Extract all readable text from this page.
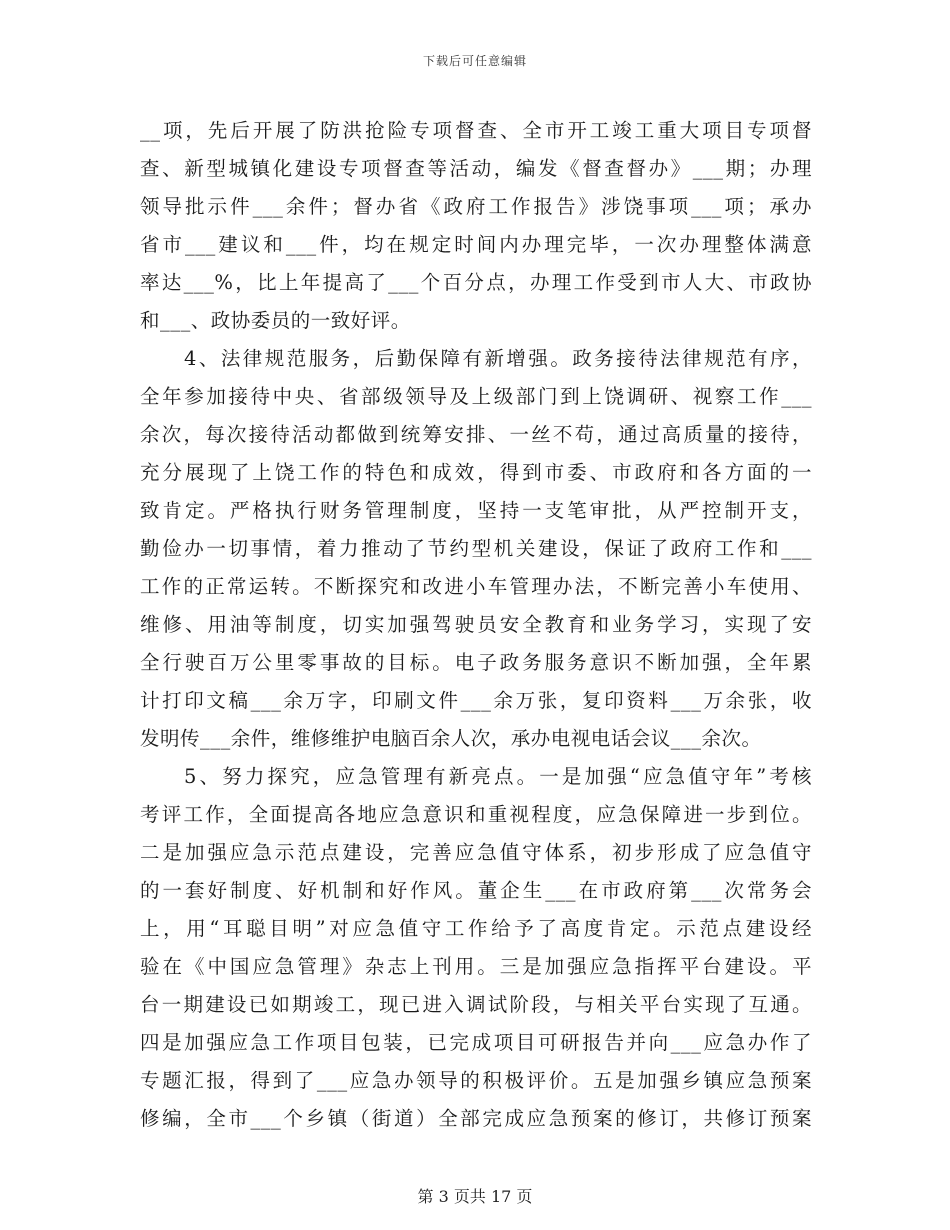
下载后可任意编辑
__项，先后开展了防洪抢险专项督查、全市开工竣工重大项目专项督
查、新型城镇化建设专项督查等活动，编发《督查督办》___期；办理
领导批示件___余件；督办省《政府工作报告》涉饶事项___项；承办
省市___建议和___件，均在规定时间内办理完毕，一次办理整体满意
率达___%，比上年提高了___个百分点，办理工作受到市人大、市政协
和___、政协委员的一致好评。
4、法律规范服务，后勤保障有新增强。政务接待法律规范有序，
全年参加接待中央、省部级领导及上级部门到上饶调研、视察工作___
余次，每次接待活动都做到统筹安排、一丝不苟，通过高质量的接待，
充分展现了上饶工作的特色和成效，得到市委、市政府和各方面的一
致肯定。严格执行财务管理制度，坚持一支笔审批，从严控制开支，
勤俭办一切事情，着力推动了节约型机关建设，保证了政府工作和___
工作的正常运转。不断探究和改进小车管理办法，不断完善小车使用、
维修、用油等制度，切实加强驾驶员安全教育和业务学习，实现了安
全行驶百万公里零事故的目标。电子政务服务意识不断加强，全年累
计打印文稿___余万字，印刷文件___余万张，复印资料___万余张，收
发明传___余件，维修维护电脑百余人次，承办电视电话会议___余次。
5、努力探究，应急管理有新亮点。一是加强“应急值守年”考核
考评工作，全面提高各地应急意识和重视程度，应急保障进一步到位。
二是加强应急示范点建设，完善应急值守体系，初步形成了应急值守
的一套好制度、好机制和好作风。董企生___在市政府第___次常务会
上，用“耳聪目明”对应急值守工作给予了高度肯定。示范点建设经
验在《中国应急管理》杂志上刊用。三是加强应急指挥平台建设。平
台一期建设已如期竣工，现已进入调试阶段，与相关平台实现了互通。
四是加强应急工作项目包装，已完成项目可研报告并向___应急办作了
专题汇报，得到了___应急办领导的积极评价。五是加强乡镇应急预案
修编，全市___个乡镇（街道）全部完成应急预案的修订，共修订预案
第 3 页共 17 页
